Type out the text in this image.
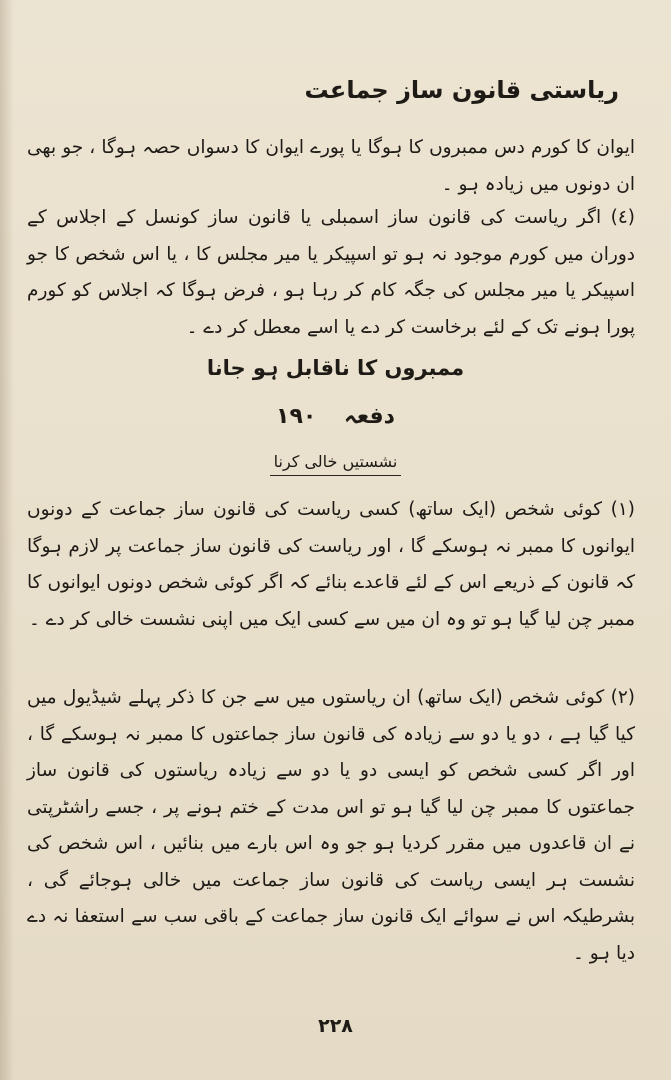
ریاستی قانون ساز جماعت
ایوان کا کورم دس ممبروں کا ہوگا یا پورے ایوان کا دسواں حصہ ہوگا ، جو بھی ان دونوں میں زیادہ ہو ۔
(٤) اگر ریاست کی قانون ساز اسمبلی یا قانون ساز کونسل کے اجلاس کے دوران میں کورم موجود نہ ہو تو اسپیکر یا میر مجلس کا ، یا اس شخص کا جو اسپیکر یا میر مجلس کی جگہ کام کر رہا ہو ، فرض ہوگا کہ اجلاس کو کورم پورا ہونے تک کے لئے برخاست کر دے یا اسے معطل کر دے ۔
ممبروں کا ناقابل ہو جانا
دفعہ ۱۹۰
نشستیں خالی کرنا
(۱) کوئی شخص (ایک ساتھ) کسی ریاست کی قانون ساز جماعت کے دونوں ایوانوں کا ممبر نہ ہوسکے گا ، اور ریاست کی قانون ساز جماعت پر لازم ہوگا کہ قانون کے ذریعے اس کے لئے قاعدے بنائے کہ اگر کوئی شخص دونوں ایوانوں کا ممبر چن لیا گیا ہو تو وہ ان میں سے کسی ایک میں اپنی نشست خالی کر دے ۔
(۲) کوئی شخص (ایک ساتھ) ان ریاستوں میں سے جن کا ذکر پہلے شیڈیول میں کیا گیا ہے ، دو یا دو سے زیادہ کی قانون ساز جماعتوں کا ممبر نہ ہوسکے گا ، اور اگر کسی شخص کو ایسی دو یا دو سے زیادہ ریاستوں کی قانون ساز جماعتوں کا ممبر چن لیا گیا ہو تو اس مدت کے ختم ہونے پر ، جسے راشٹرپتی نے ان قاعدوں میں مقرر کردیا ہو جو وہ اس بارے میں بنائیں ، اس شخص کی نشست ہر ایسی ریاست کی قانون ساز جماعت میں خالی ہوجائے گی ، بشرطیکہ اس نے سوائے ایک قانون ساز جماعت کے باقی سب سے استعفا نہ دے دیا ہو ۔
۲۲۸
